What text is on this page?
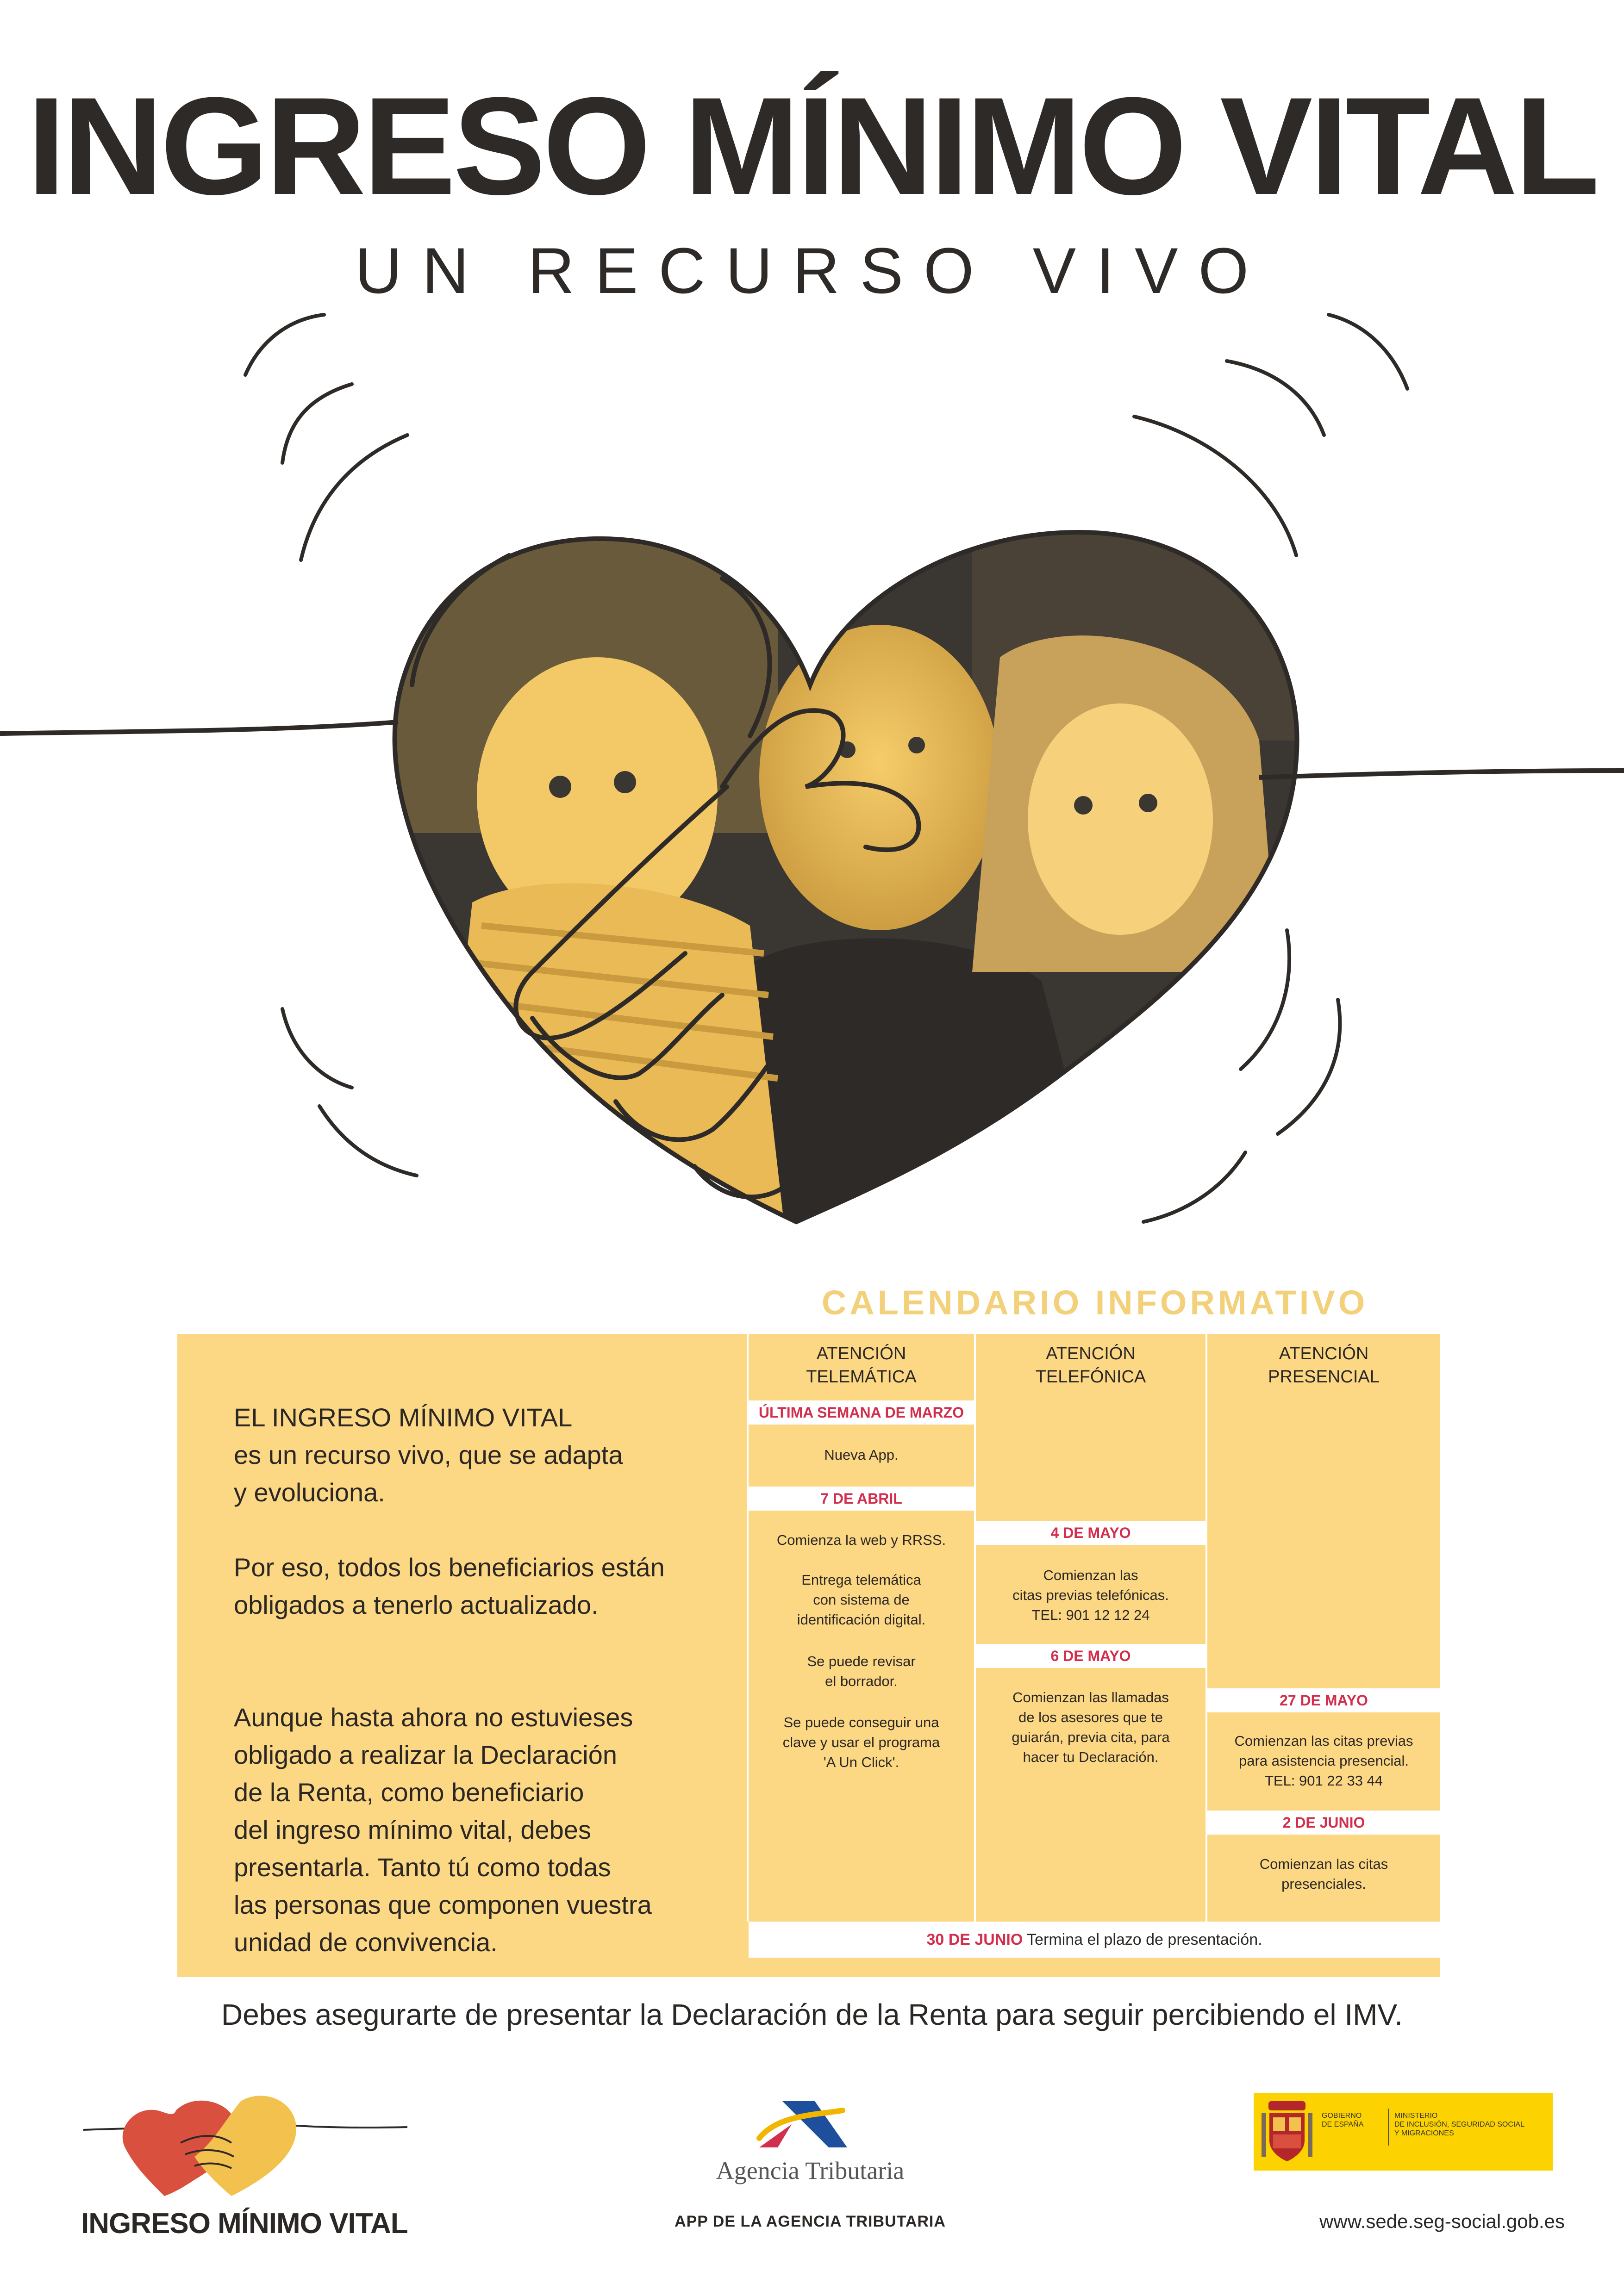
INGRESO MÍNIMO VITAL
UN RECURSO VIVO
CALENDARIO INFORMATIVO
EL INGRESO MÍNIMO VITAL
es un recurso vivo, que se adapta
y evoluciona.
Por eso, todos los beneficiarios están
obligados a tenerlo actualizado.
Aunque hasta ahora no estuvieses
obligado a realizar la Declaración
de la Renta, como beneficiario
del ingreso mínimo vital, debes
presentarla. Tanto tú como todas
las personas que componen vuestra
unidad de convivencia.
ATENCIÓN
TELEMÁTICA
ATENCIÓN
TELEFÓNICA
ATENCIÓN
PRESENCIAL
ÚLTIMA SEMANA DE MARZO
Nueva App.
7 DE ABRIL
Comienza la web y RRSS.
Entrega telemática
con sistema de
identificación digital.
Se puede revisar
el borrador.
Se puede conseguir una
clave y usar el programa
'A Un Click'.
4 DE MAYO
Comienzan las
citas previas telefónicas.
TEL: 901 12 12 24
6 DE MAYO
Comienzan las llamadas
de los asesores que te
guiarán, previa cita, para
hacer tu Declaración.
27 DE MAYO
Comienzan las citas previas
para asistencia presencial.
TEL: 901 22 33 44
2 DE JUNIO
Comienzan las citas
presenciales.
30 DE JUNIO Termina el plazo de presentación.
Debes asegurarte de presentar la Declaración de la Renta para seguir percibiendo el IMV.
INGRESO MÍNIMO VITAL
Agencia Tributaria
APP DE LA AGENCIA TRIBUTARIA
GOBIERNO
DE ESPAÑA
MINISTERIO
DE INCLUSIÓN, SEGURIDAD SOCIAL
Y MIGRACIONES
www.sede.seg-social.gob.es
